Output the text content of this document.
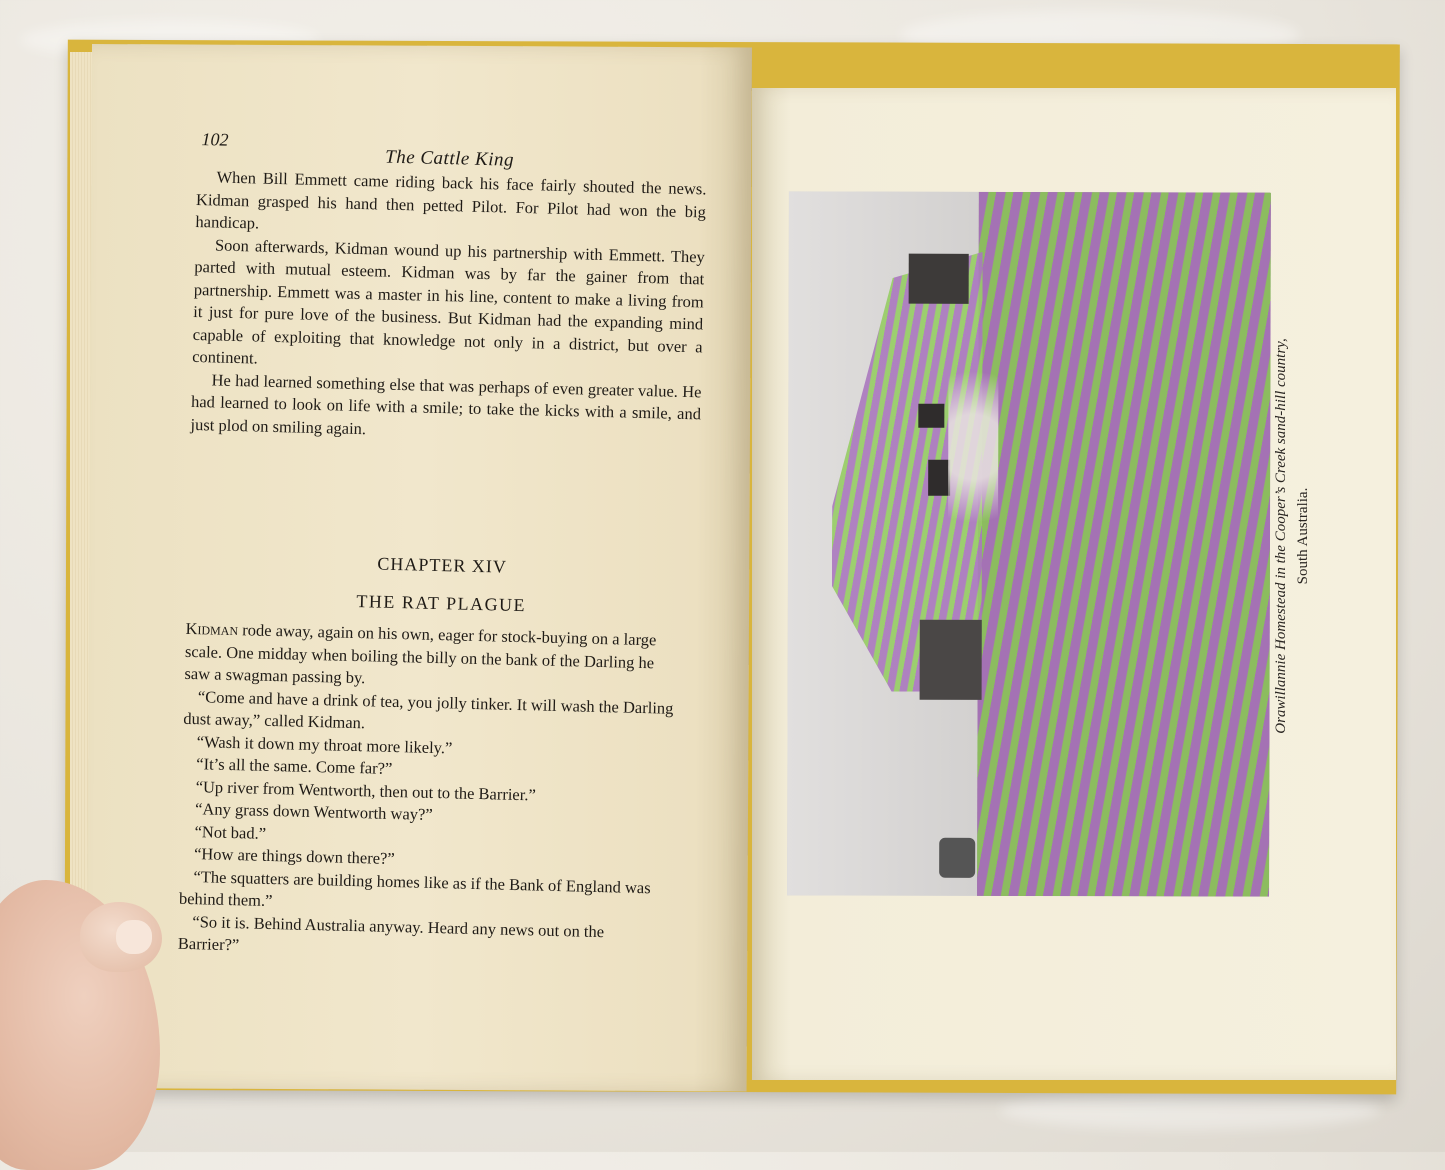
102
The Cattle King

When Bill Emmett came riding back his face fairly shouted the news. Kidman grasped his hand then petted Pilot. For Pilot had won the big handicap.

Soon afterwards, Kidman wound up his partnership with Emmett. They parted with mutual esteem. Kidman was by far the gainer from that partnership. Emmett was a master in his line, content to make a living from it just for pure love of the business. But Kidman had the expanding mind capable of exploiting that knowledge not only in a district, but over a continent.

He had learned something else that was perhaps of even greater value. He had learned to look on life with a smile; to take the kicks with a smile, and just plod on smiling again.

CHAPTER XIV
THE RAT PLAGUE

Kidman rode away, again on his own, eager for stock-buying on a large scale. One midday when boiling the billy on the bank of the Darling he saw a swagman passing by.

“Come and have a drink of tea, you jolly tinker. It will wash the Darling dust away,” called Kidman.

“Wash it down my throat more likely.”

“It’s all the same. Come far?”

“Up river from Wentworth, then out to the Barrier.”

“Any grass down Wentworth way?”

“Not bad.”

“How are things down there?”

“The squatters are building homes like as if the Bank of England was behind them.”

“So it is. Behind Australia anyway. Heard any news out on the Barrier?”

Orawillannie Homestead in the Cooper’s Creek sand-hill country, South Australia.
